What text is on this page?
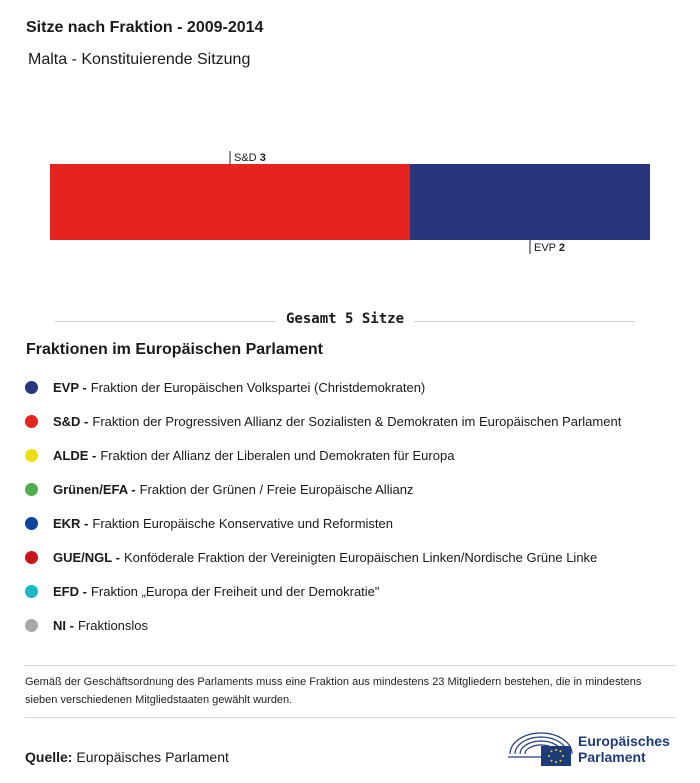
Sitze nach Fraktion - 2009-2014
Malta - Konstituierende Sitzung
S&D 3
EVP 2
Gesamt 5 Sitze
Fraktionen im Europäischen Parlament
EVP - Fraktion der Europäischen Volkspartei (Christdemokraten)
S&D - Fraktion der Progressiven Allianz der Sozialisten & Demokraten im Europäischen Parlament
ALDE - Fraktion der Allianz der Liberalen und Demokraten für Europa
Grünen/EFA - Fraktion der Grünen / Freie Europäische Allianz
EKR - Fraktion Europäische Konservative und Reformisten
GUE/NGL - Konföderale Fraktion der Vereinigten Europäischen Linken/Nordische Grüne Linke
EFD - Fraktion „Europa der Freiheit und der Demokratie"
NI - Fraktionslos

Gemäß der Geschäftsordnung des Parlaments muss eine Fraktion aus mindestens 23 Mitgliedern bestehen, die in mindestens sieben verschiedenen Mitgliedstaaten gewählt wurden.

Quelle: Europäisches Parlament
Europäisches
Parlament
